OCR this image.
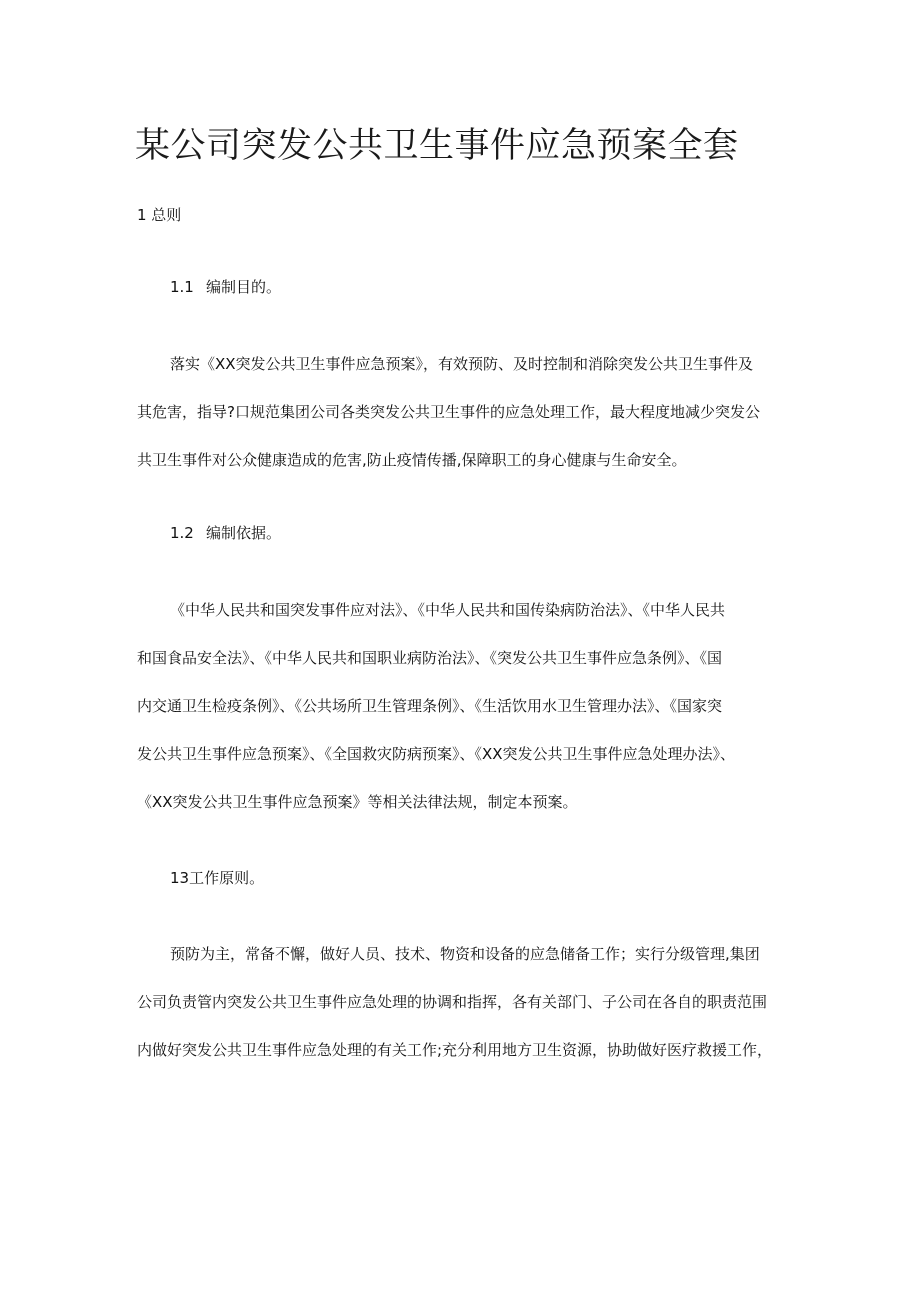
某公司突发公共卫生事件应急预案全套
1 总则
1.1 编制目的。

落实《XX突发公共卫生事件应急预案》，有效预防、及时控制和消除突发公共卫生事件及
其危害，指导?口规范集团公司各类突发公共卫生事件的应急处理工作，最大程度地减少突发公
共卫生事件对公众健康造成的危害,防止疫情传播,保障职工的身心健康与生命安全。

1.2 编制依据。

《中华人民共和国突发事件应对法》、《中华人民共和国传染病防治法》、《中华人民共
和国食品安全法》、《中华人民共和国职业病防治法》、《突发公共卫生事件应急条例》、《国
内交通卫生检疫条例》、《公共场所卫生管理条例》、《生活饮用水卫生管理办法》、《国家突
发公共卫生事件应急预案》、《全国救灾防病预案》、《XX突发公共卫生事件应急处理办法》、
《XX突发公共卫生事件应急预案》等相关法律法规，制定本预案。

13工作原则。

预防为主，常备不懈，做好人员、技术、物资和设备的应急储备工作；实行分级管理,集团
公司负责管内突发公共卫生事件应急处理的协调和指挥，各有关部门、子公司在各自的职责范围
内做好突发公共卫生事件应急处理的有关工作;充分利用地方卫生资源，协助做好医疗救援工作，
